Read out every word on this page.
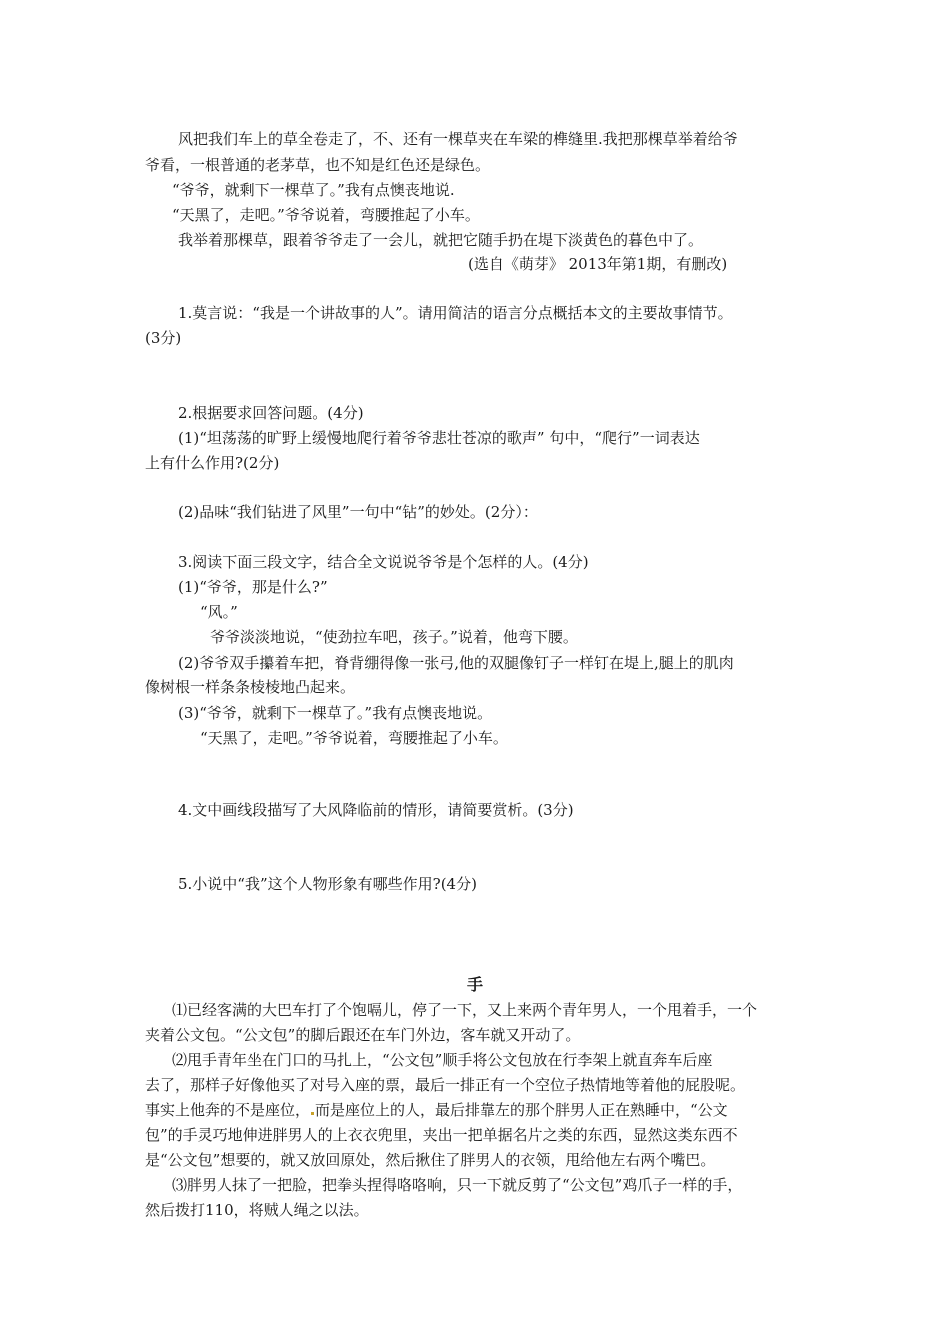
风把我们车上的草全卷走了，不、还有一棵草夹在车梁的榫缝里.我把那棵草举着给爷
爷看，一根普通的老茅草，也不知是红色还是绿色。
“爷爷，就剩下一棵草了。”我有点懊丧地说.
“天黑了，走吧。”爷爷说着，弯腰推起了小车。
我举着那棵草，跟着爷爷走了一会儿，就把它随手扔在堤下淡黄色的暮色中了。
(选自《萌芽》 2013年第1期，有删改)
1.莫言说：“我是一个讲故事的人”。请用简洁的语言分点概括本文的主要故事情节。
(3分)
2.根据要求回答问题。(4分)
(1)“坦荡荡的旷野上缓慢地爬行着爷爷悲壮苍凉的歌声” 句中，“爬行”一词表达
上有什么作用?(2分)
(2)品味“我们钻进了风里”一句中“钻”的妙处。(2分）：
3.阅读下面三段文字，结合全文说说爷爷是个怎样的人。(4分)
(1)“爷爷，那是什么?”
“风。”
爷爷淡淡地说，“使劲拉车吧，孩子。”说着，他弯下腰。
(2)爷爷双手攥着车把，脊背绷得像一张弓,他的双腿像钉子一样钉在堤上,腿上的肌肉
像树根一样条条棱棱地凸起来。
(3)“爷爷，就剩下一棵草了。”我有点懊丧地说。
“天黑了，走吧。”爷爷说着，弯腰推起了小车。
4.文中画线段描写了大风降临前的情形，请简要赏析。(3分)
5.小说中“我”这个人物形象有哪些作用?(4分)
手
⑴已经客满的大巴车打了个饱嗝儿，停了一下，又上来两个青年男人，一个甩着手，一个
夹着公文包。“公文包”的脚后跟还在车门外边，客车就又开动了。
⑵甩手青年坐在门口的马扎上，“公文包”顺手将公文包放在行李架上就直奔车后座
去了，那样子好像他买了对号入座的票，最后一排正有一个空位子热情地等着他的屁股呢。
事实上他奔的不是座位， 而是座位上的人，最后排靠左的那个胖男人正在熟睡中，“公文
包”的手灵巧地伸进胖男人的上衣衣兜里，夹出一把单据名片之类的东西，显然这类东西不
是“公文包”想要的，就又放回原处，然后揪住了胖男人的衣领，甩给他左右两个嘴巴。
⑶胖男人抹了一把脸，把拳头捏得咯咯响，只一下就反剪了“公文包”鸡爪子一样的手，
然后拨打110，将贼人绳之以法。
